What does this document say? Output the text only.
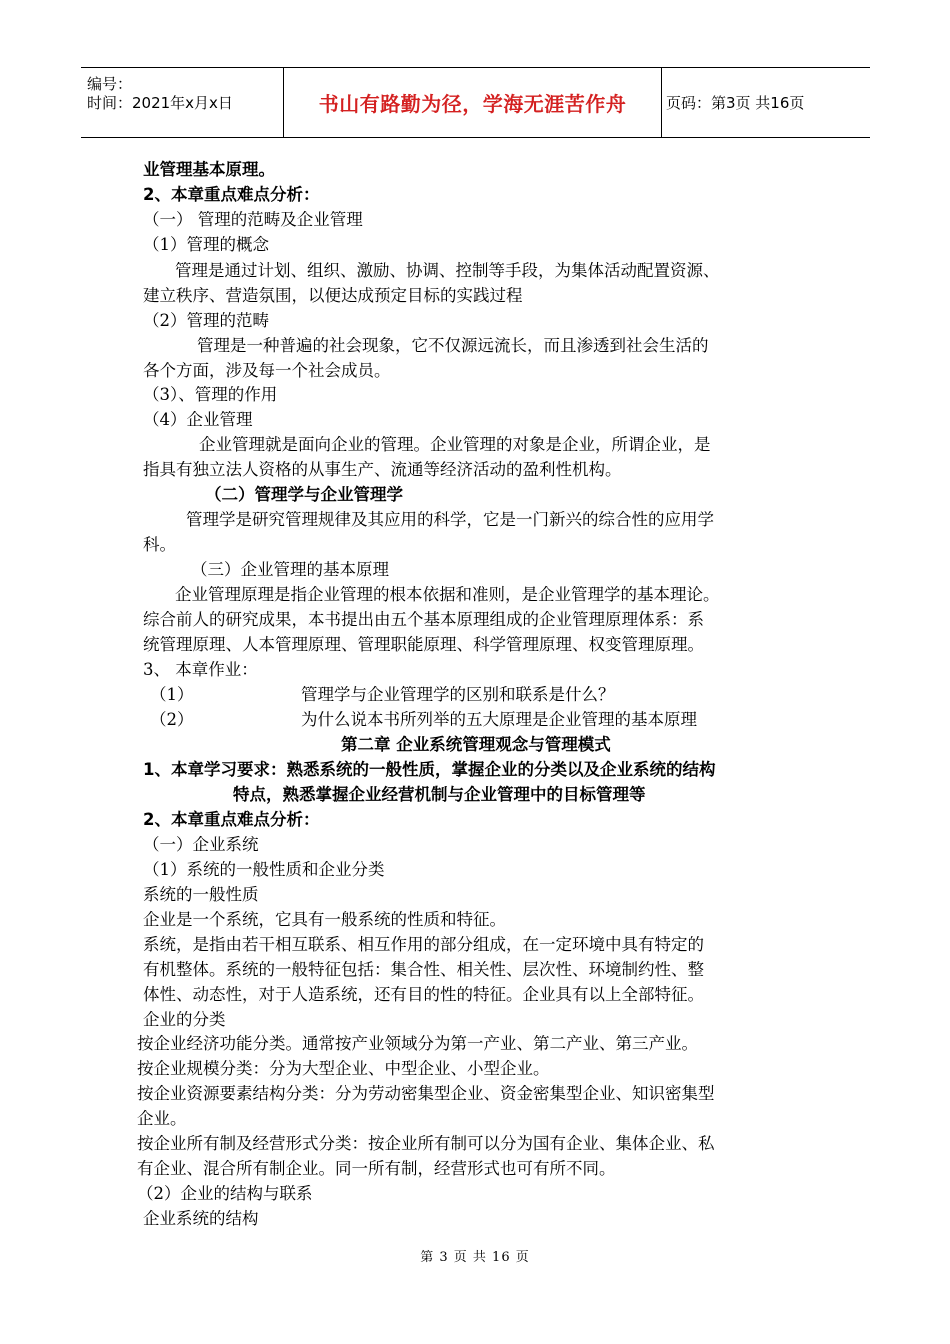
编号：
时间：2021年x月x日	书山有路勤为径，学海无涯苦作舟	页码：第3页 共16页
业管理基本原理。
2、本章重点难点分析：
（一） 管理的范畴及企业管理
（1）管理的概念
管理是通过计划、组织、激励、协调、控制等手段，为集体活动配置资源、
建立秩序、营造氛围，以便达成预定目标的实践过程
（2）管理的范畴
管理是一种普遍的社会现象，它不仅源远流长，而且渗透到社会生活的
各个方面，涉及每一个社会成员。
（3）、管理的作用
（4）企业管理
企业管理就是面向企业的管理。企业管理的对象是企业，所谓企业，是
指具有独立法人资格的从事生产、流通等经济活动的盈利性机构。
（二）管理学与企业管理学
管理学是研究管理规律及其应用的科学，它是一门新兴的综合性的应用学
科。
（三）企业管理的基本原理
企业管理原理是指企业管理的根本依据和准则，是企业管理学的基本理论。
综合前人的研究成果，本书提出由五个基本原理组成的企业管理原理体系：系
统管理原理、人本管理原理、管理职能原理、科学管理原理、权变管理原理。
3、 本章作业：
（1）	管理学与企业管理学的区别和联系是什么？
（2）	为什么说本书所列举的五大原理是企业管理的基本原理
第二章 企业系统管理观念与管理模式
1、本章学习要求：熟悉系统的一般性质，掌握企业的分类以及企业系统的结构
特点，熟悉掌握企业经营机制与企业管理中的目标管理等
2、本章重点难点分析：
（一）企业系统
（1）系统的一般性质和企业分类
系统的一般性质
企业是一个系统，它具有一般系统的性质和特征。
系统，是指由若干相互联系、相互作用的部分组成，在一定环境中具有特定的
有机整体。系统的一般特征包括：集合性、相关性、层次性、环境制约性、整
体性、动态性，对于人造系统，还有目的性的特征。企业具有以上全部特征。
企业的分类
按企业经济功能分类。通常按产业领域分为第一产业、第二产业、第三产业。
按企业规模分类：分为大型企业、中型企业、小型企业。
按企业资源要素结构分类：分为劳动密集型企业、资金密集型企业、知识密集型
企业。
按企业所有制及经营形式分类：按企业所有制可以分为国有企业、集体企业、私
有企业、混合所有制企业。同一所有制，经营形式也可有所不同。
（2）企业的结构与联系
企业系统的结构
第 3 页 共 16 页
